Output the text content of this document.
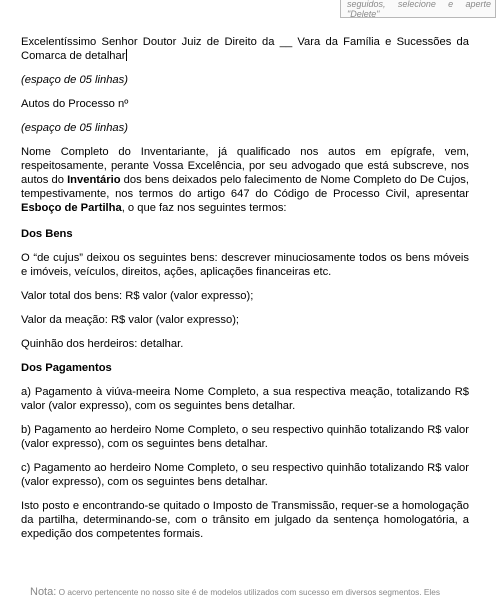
seguidos, selecione e aperte
"Delete"

Excelentíssimo Senhor Doutor Juiz de Direito da __ Vara da Família e Sucessões da Comarca de detalhar

(espaço de 05 linhas)

Autos do Processo nº

(espaço de 05 linhas)

Nome Completo do Inventariante, já qualificado nos autos em epígrafe, vem, respeitosamente, perante Vossa Excelência, por seu advogado que está subscreve, nos autos do Inventário dos bens deixados pelo falecimento de Nome Completo do De Cujos, tempestivamente, nos termos do artigo 647 do Código de Processo Civil, apresentar Esboço de Partilha, o que faz nos seguintes termos:

Dos Bens

O “de cujus” deixou os seguintes bens: descrever minuciosamente todos os bens móveis e imóveis, veículos, direitos, ações, aplicações financeiras etc.

Valor total dos bens: R$ valor (valor expresso);

Valor da meação: R$ valor (valor expresso);

Quinhão dos herdeiros: detalhar.

Dos Pagamentos

a) Pagamento à viúva-meeira Nome Completo, a sua respectiva meação, totalizando R$ valor (valor expresso), com os seguintes bens detalhar.

b) Pagamento ao herdeiro Nome Completo, o seu respectivo quinhão totalizando R$ valor (valor expresso), com os seguintes bens detalhar.

c) Pagamento ao herdeiro Nome Completo, o seu respectivo quinhão totalizando R$ valor (valor expresso), com os seguintes bens detalhar.

Isto posto e encontrando-se quitado o Imposto de Transmissão, requer-se a homologação da partilha, determinando-se, com o trânsito em julgado da sentença homologatória, a expedição dos competentes formais.

Nota: O acervo pertencente no nosso site é de modelos utilizados com sucesso em diversos segmentos. Eles
